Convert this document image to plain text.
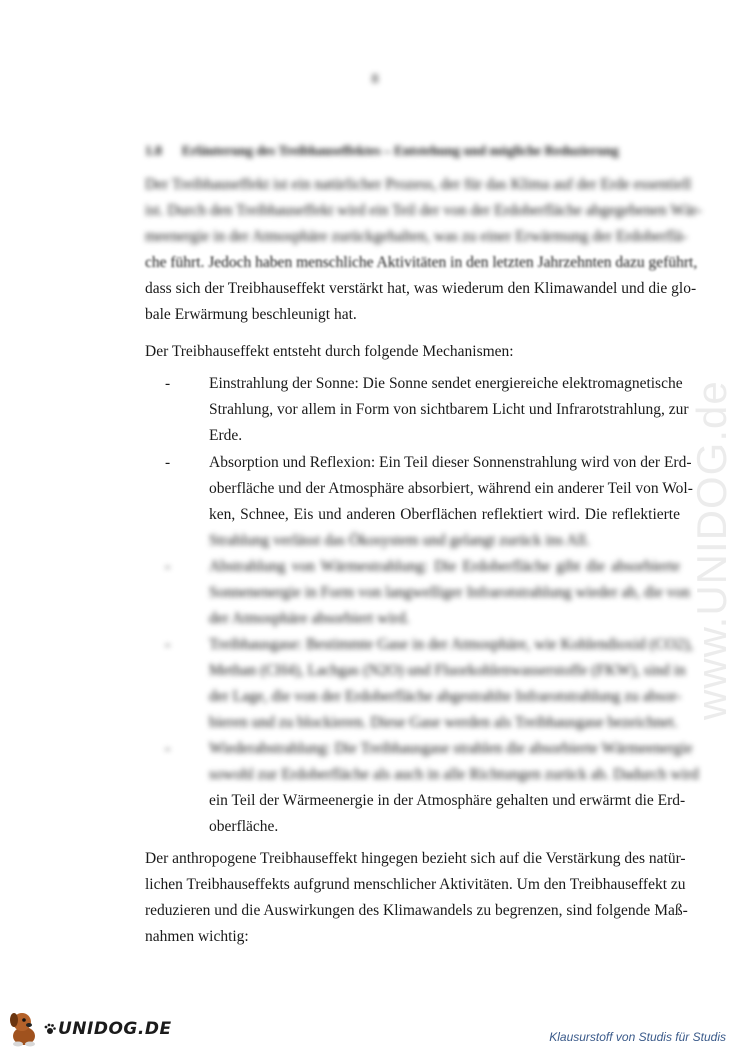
8
1.8 Erläuterung des Treibhauseffektes – Entstehung und mögliche Reduzierung
Der Treibhauseffekt ist ein natürlicher Prozess, der für das Klima auf der Erde essentiell
ist. Durch den Treibhauseffekt wird ein Teil der von der Erdoberfläche abgegebenen Wär-
meenergie in der Atmosphäre zurückgehalten, was zu einer Erwärmung der Erdoberflä-
che führt. Jedoch haben menschliche Aktivitäten in den letzten Jahrzehnten dazu geführt,
dass sich der Treibhauseffekt verstärkt hat, was wiederum den Klimawandel und die glo-
bale Erwärmung beschleunigt hat.
Der Treibhauseffekt entsteht durch folgende Mechanismen:
-	Einstrahlung der Sonne: Die Sonne sendet energiereiche elektromagnetische
Strahlung, vor allem in Form von sichtbarem Licht und Infrarotstrahlung, zur
Erde.
-	Absorption und Reflexion: Ein Teil dieser Sonnenstrahlung wird von der Erd-
oberfläche und der Atmosphäre absorbiert, während ein anderer Teil von Wol-
ken, Schnee, Eis und anderen Oberflächen reflektiert wird. Die reflektierte
Strahlung verlässt das Ökosystem und gelangt zurück ins All.
-	Abstrahlung von Wärmestrahlung: Die Erdoberfläche gibt die absorbierte
Sonnenenergie in Form von langwelliger Infrarotstrahlung wieder ab, die von
der Atmosphäre absorbiert wird.
-	Treibhausgase: Bestimmte Gase in der Atmosphäre, wie Kohlendioxid (CO2),
Methan (CH4), Lachgas (N2O) und Fluorkohlenwasserstoffe (FKW), sind in
der Lage, die von der Erdoberfläche abgestrahlte Infrarotstrahlung zu absor-
bieren und zu blockieren. Diese Gase werden als Treibhausgase bezeichnet.
-	Wiederabstrahlung: Die Treibhausgase strahlen die absorbierte Wärmeenergie
sowohl zur Erdoberfläche als auch in alle Richtungen zurück ab. Dadurch wird
ein Teil der Wärmeenergie in der Atmosphäre gehalten und erwärmt die Erd-
oberfläche.
Der anthropogene Treibhauseffekt hingegen bezieht sich auf die Verstärkung des natür-
lichen Treibhauseffekts aufgrund menschlicher Aktivitäten. Um den Treibhauseffekt zu
reduzieren und die Auswirkungen des Klimawandels zu begrenzen, sind folgende Maß-
nahmen wichtig:
www.UNIDOG.de
UNIDOG.DE	Klausurstoff von Studis für Studis
